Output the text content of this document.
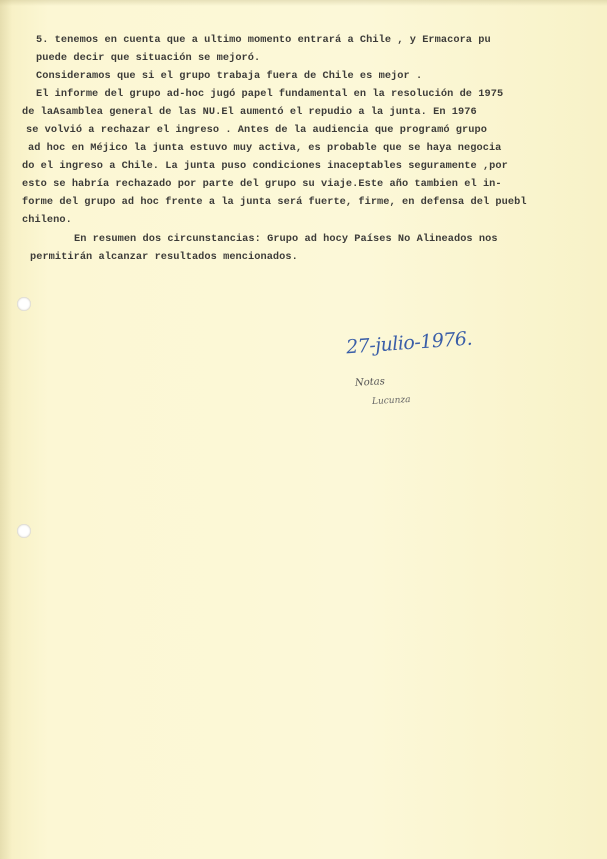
5. tenemos en cuenta que a ultimo momento entrará a Chile , y Ermacora pu
puede decir que situación se mejoró.
Consideramos que si el grupo trabaja fuera de Chile es mejor .
El informe del grupo ad-hoc jugó papel fundamental en la resolución de 1975
de laAsamblea general de las NU.El aumentó el repudio a la junta. En 1976
se volvió a rechazar el ingreso . Antes de la audiencia que programó grupo
ad hoc en Méjico la junta estuvo muy activa, es probable que se haya negocia
do el ingreso a Chile. La junta puso condiciones inaceptables seguramente ,por
esto se habría rechazado por parte del grupo su viaje.Este año tambien el in-
forme del grupo ad hoc frente a la junta será fuerte, firme, en defensa del puebl
chileno.
En resumen dos circunstancias: Grupo ad hocy Países No Alineados nos
permitirán alcanzar resultados mencionados.
27-julio-1976.
Notas
Lucunza
